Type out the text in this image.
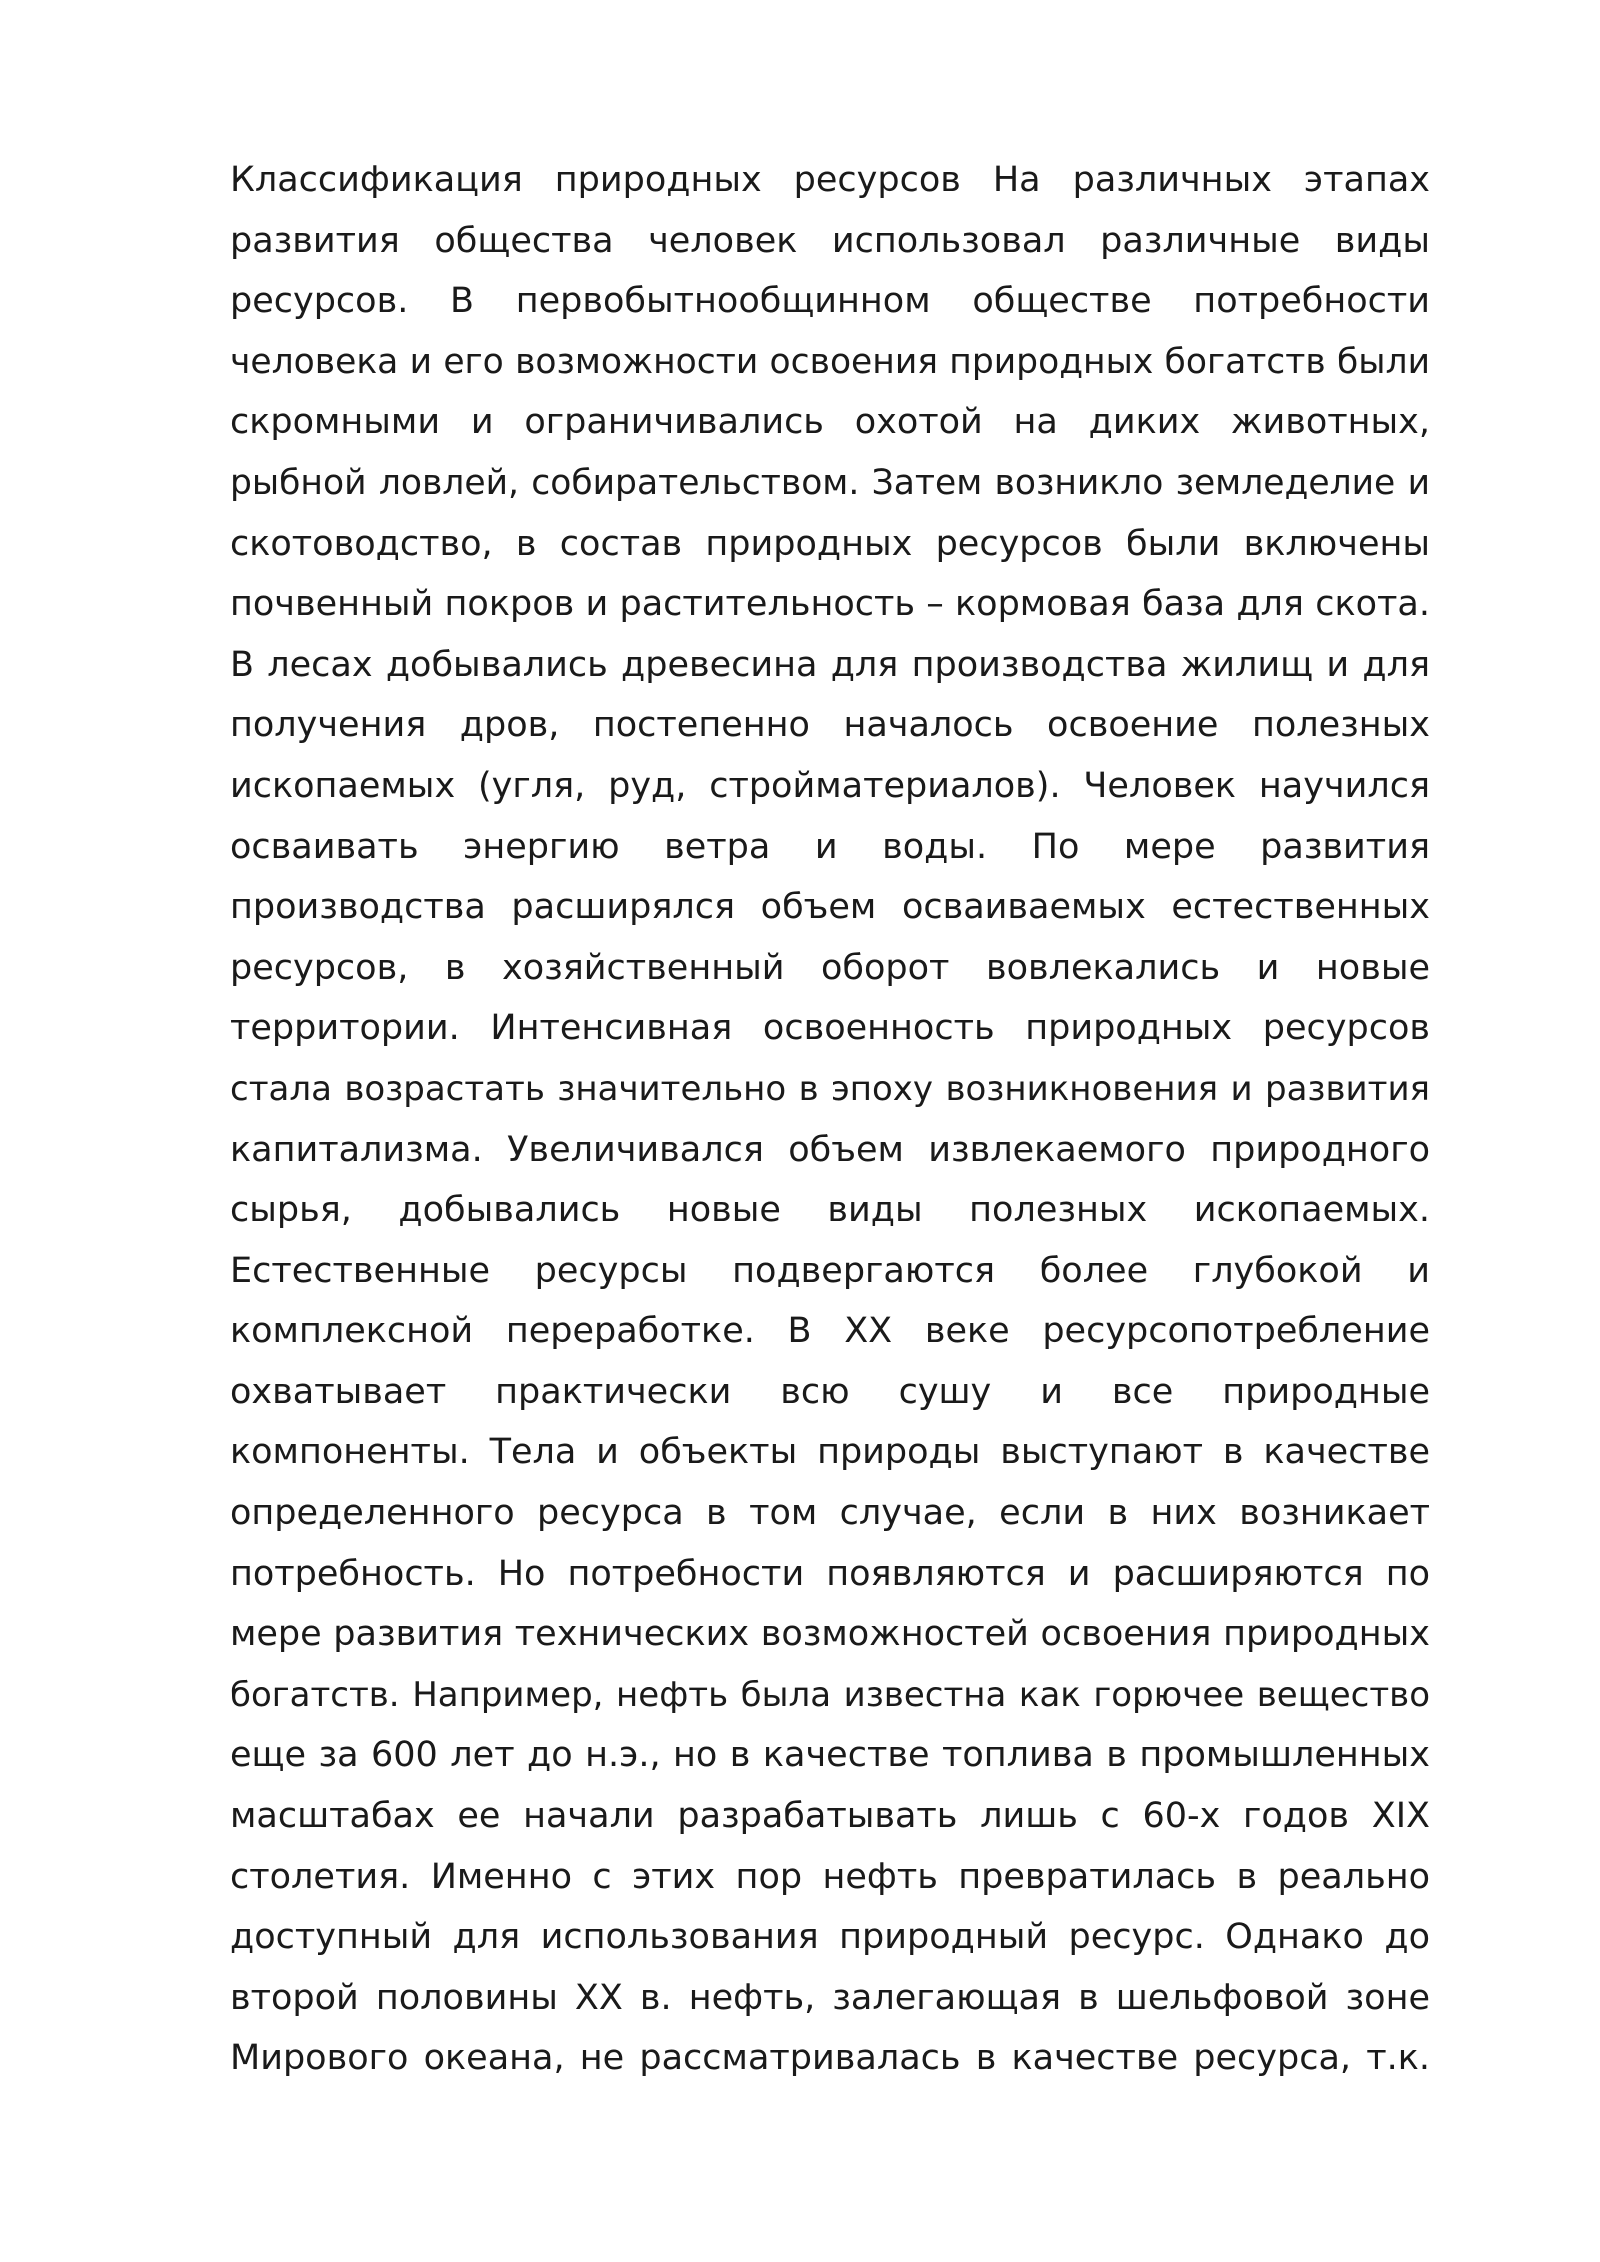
Классификация природных ресурсов На различных этапах
развития общества человек использовал различные виды
ресурсов. В первобытнообщинном обществе потребности
человека и его возможности освоения природных богатств были
скромными и ограничивались охотой на диких животных,
рыбной ловлей, собирательством. Затем возникло земледелие и
скотоводство, в состав природных ресурсов были включены
почвенный покров и растительность – кормовая база для скота.
В лесах добывались древесина для производства жилищ и для
получения дров, постепенно началось освоение полезных
ископаемых (угля, руд, стройматериалов). Человек научился
осваивать энергию ветра и воды. По мере развития
производства расширялся объем осваиваемых естественных
ресурсов, в хозяйственный оборот вовлекались и новые
территории. Интенсивная освоенность природных ресурсов
стала возрастать значительно в эпоху возникновения и развития
капитализма. Увеличивался объем извлекаемого природного
сырья, добывались новые виды полезных ископаемых.
Естественные ресурсы подвергаются более глубокой и
комплексной переработке. В XX веке ресурсопотребление
охватывает практически всю сушу и все природные
компоненты. Тела и объекты природы выступают в качестве
определенного ресурса в том случае, если в них возникает
потребность. Но потребности появляются и расширяются по
мере развития технических возможностей освоения природных
богатств. Например, нефть была известна как горючее вещество
еще за 600 лет до н.э., но в качестве топлива в промышленных
масштабах ее начали разрабатывать лишь с 60-х годов XIX
столетия. Именно с этих пор нефть превратилась в реально
доступный для использования природный ресурс. Однако до
второй половины XX в. нефть, залегающая в шельфовой зоне
Мирового океана, не рассматривалась в качестве ресурса, т.к.
